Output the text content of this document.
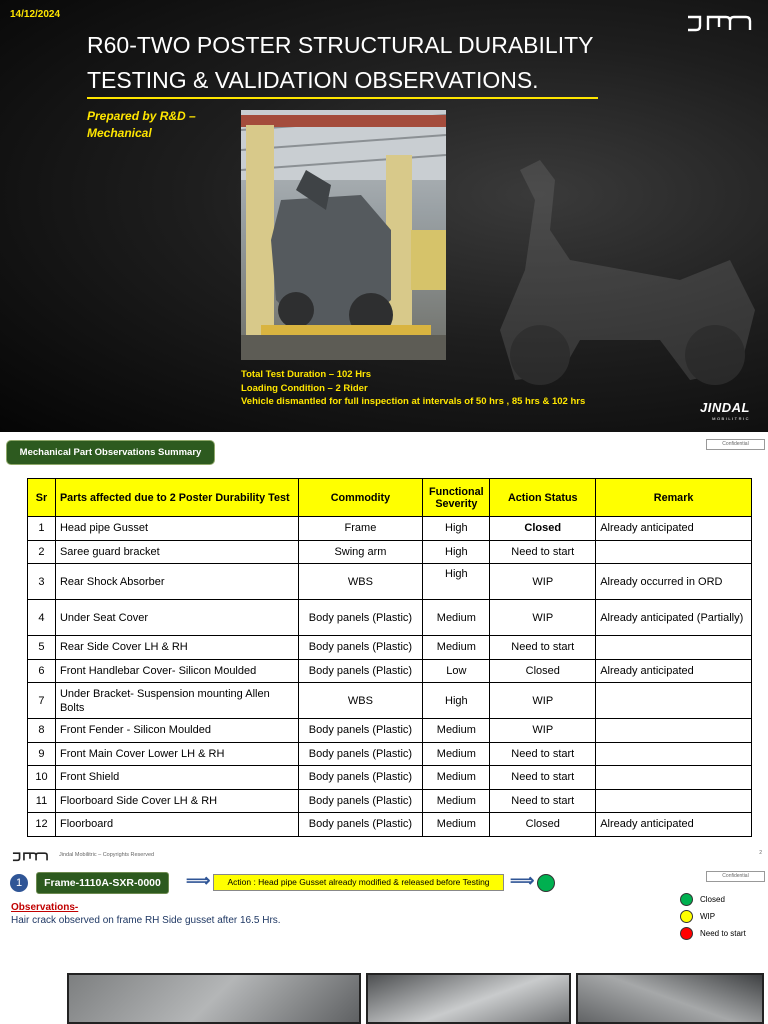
14/12/2024
R60-TWO POSTER STRUCTURAL DURABILITY TESTING & VALIDATION OBSERVATIONS.
Prepared by R&D – Mechanical
Total Test Duration – 102 Hrs
Loading Condition – 2 Rider
Vehicle dismantled for full inspection at intervals of 50 hrs , 85 hrs & 102 hrs	JINDAL
MOBILITRIC
Mechanical Part Observations Summary
Confidential
Sr	Parts affected due to 2 Poster Durability Test	Commodity	Functional Severity	Action Status	Remark
1	Head pipe Gusset	Frame	High	Closed	Already anticipated
2	Saree guard bracket	Swing arm	High	Need to start	
3	Rear Shock Absorber	WBS	High	WIP	Already occurred in ORD
4	Under Seat Cover	Body panels (Plastic)	Medium	WIP	Already anticipated (Partially)
5	Rear Side Cover LH & RH	Body panels (Plastic)	Medium	Need to start	
6	Front Handlebar Cover- Silicon Moulded	Body panels (Plastic)	Low	Closed	Already anticipated
7	Under Bracket- Suspension mounting Allen Bolts	WBS	High	WIP	
8	Front Fender - Silicon Moulded	Body panels (Plastic)	Medium	WIP	
9	Front Main Cover Lower LH & RH	Body panels (Plastic)	Medium	Need to start	
10	Front Shield	Body panels (Plastic)	Medium	Need to start	
11	Floorboard Side Cover LH & RH	Body panels (Plastic)	Medium	Need to start	
12	Floorboard	Body panels (Plastic)	Medium	Closed	Already anticipated
Jindal Mobilitric – Copyrights Reserved	2
1	Frame-1110A-SXR-0000	⟹	Action : Head pipe Gusset already modified & released before Testing	⟹	Confidential
Closed
WIP
Need to start
Observations-
Hair crack observed on frame RH Side gusset after 16.5 Hrs.
